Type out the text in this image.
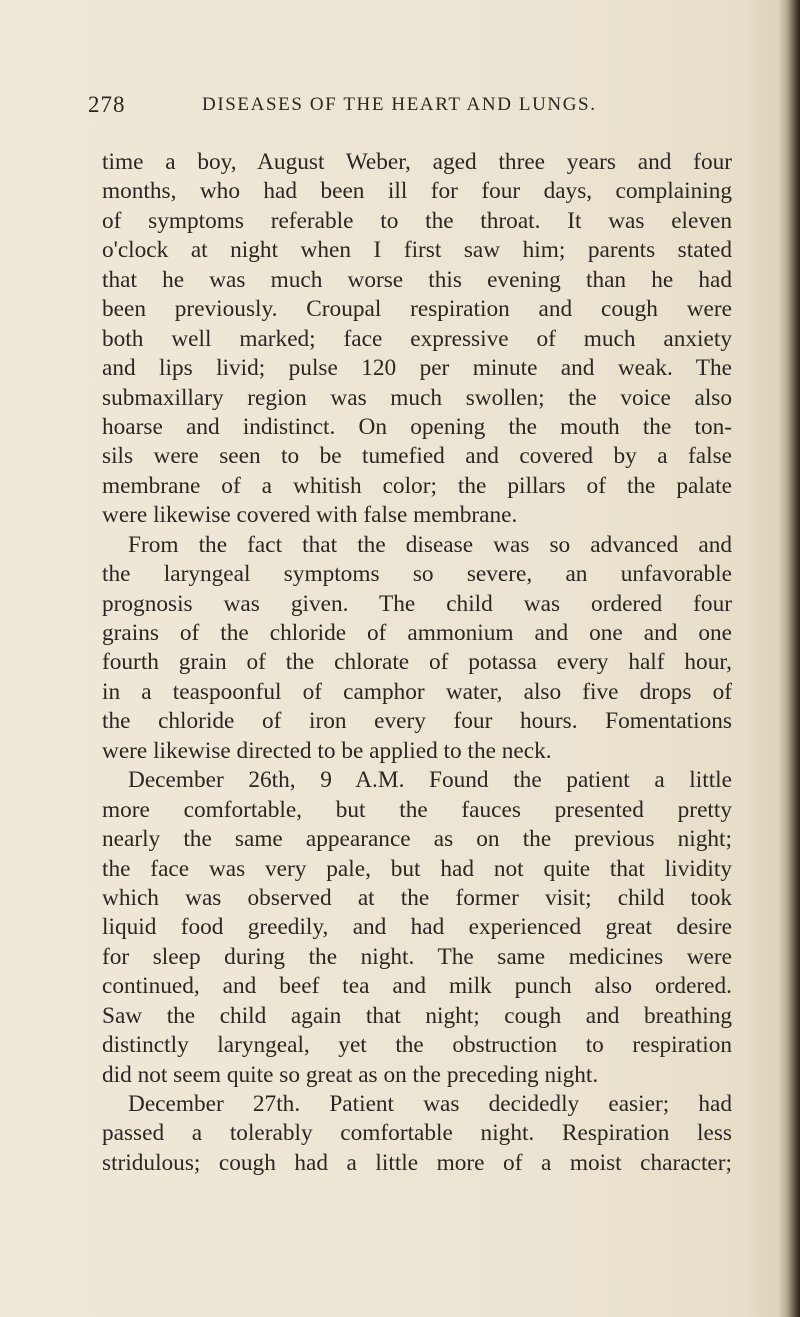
278	DISEASES OF THE HEART AND LUNGS.
time a boy, August Weber, aged three years and four
months, who had been ill for four days, complaining
of symptoms referable to the throat. It was eleven
o'clock at night when I first saw him; parents stated
that he was much worse this evening than he had
been previously. Croupal respiration and cough were
both well marked; face expressive of much anxiety
and lips livid; pulse 120 per minute and weak. The
submaxillary region was much swollen; the voice also
hoarse and indistinct. On opening the mouth the ton-
sils were seen to be tumefied and covered by a false
membrane of a whitish color; the pillars of the palate
were likewise covered with false membrane.
From the fact that the disease was so advanced and
the laryngeal symptoms so severe, an unfavorable
prognosis was given. The child was ordered four
grains of the chloride of ammonium and one and one
fourth grain of the chlorate of potassa every half hour,
in a teaspoonful of camphor water, also five drops of
the chloride of iron every four hours. Fomentations
were likewise directed to be applied to the neck.
December 26th, 9 A.M. Found the patient a little
more comfortable, but the fauces presented pretty
nearly the same appearance as on the previous night;
the face was very pale, but had not quite that lividity
which was observed at the former visit; child took
liquid food greedily, and had experienced great desire
for sleep during the night. The same medicines were
continued, and beef tea and milk punch also ordered.
Saw the child again that night; cough and breathing
distinctly laryngeal, yet the obstruction to respiration
did not seem quite so great as on the preceding night.
December 27th. Patient was decidedly easier; had
passed a tolerably comfortable night. Respiration less
stridulous; cough had a little more of a moist character;
